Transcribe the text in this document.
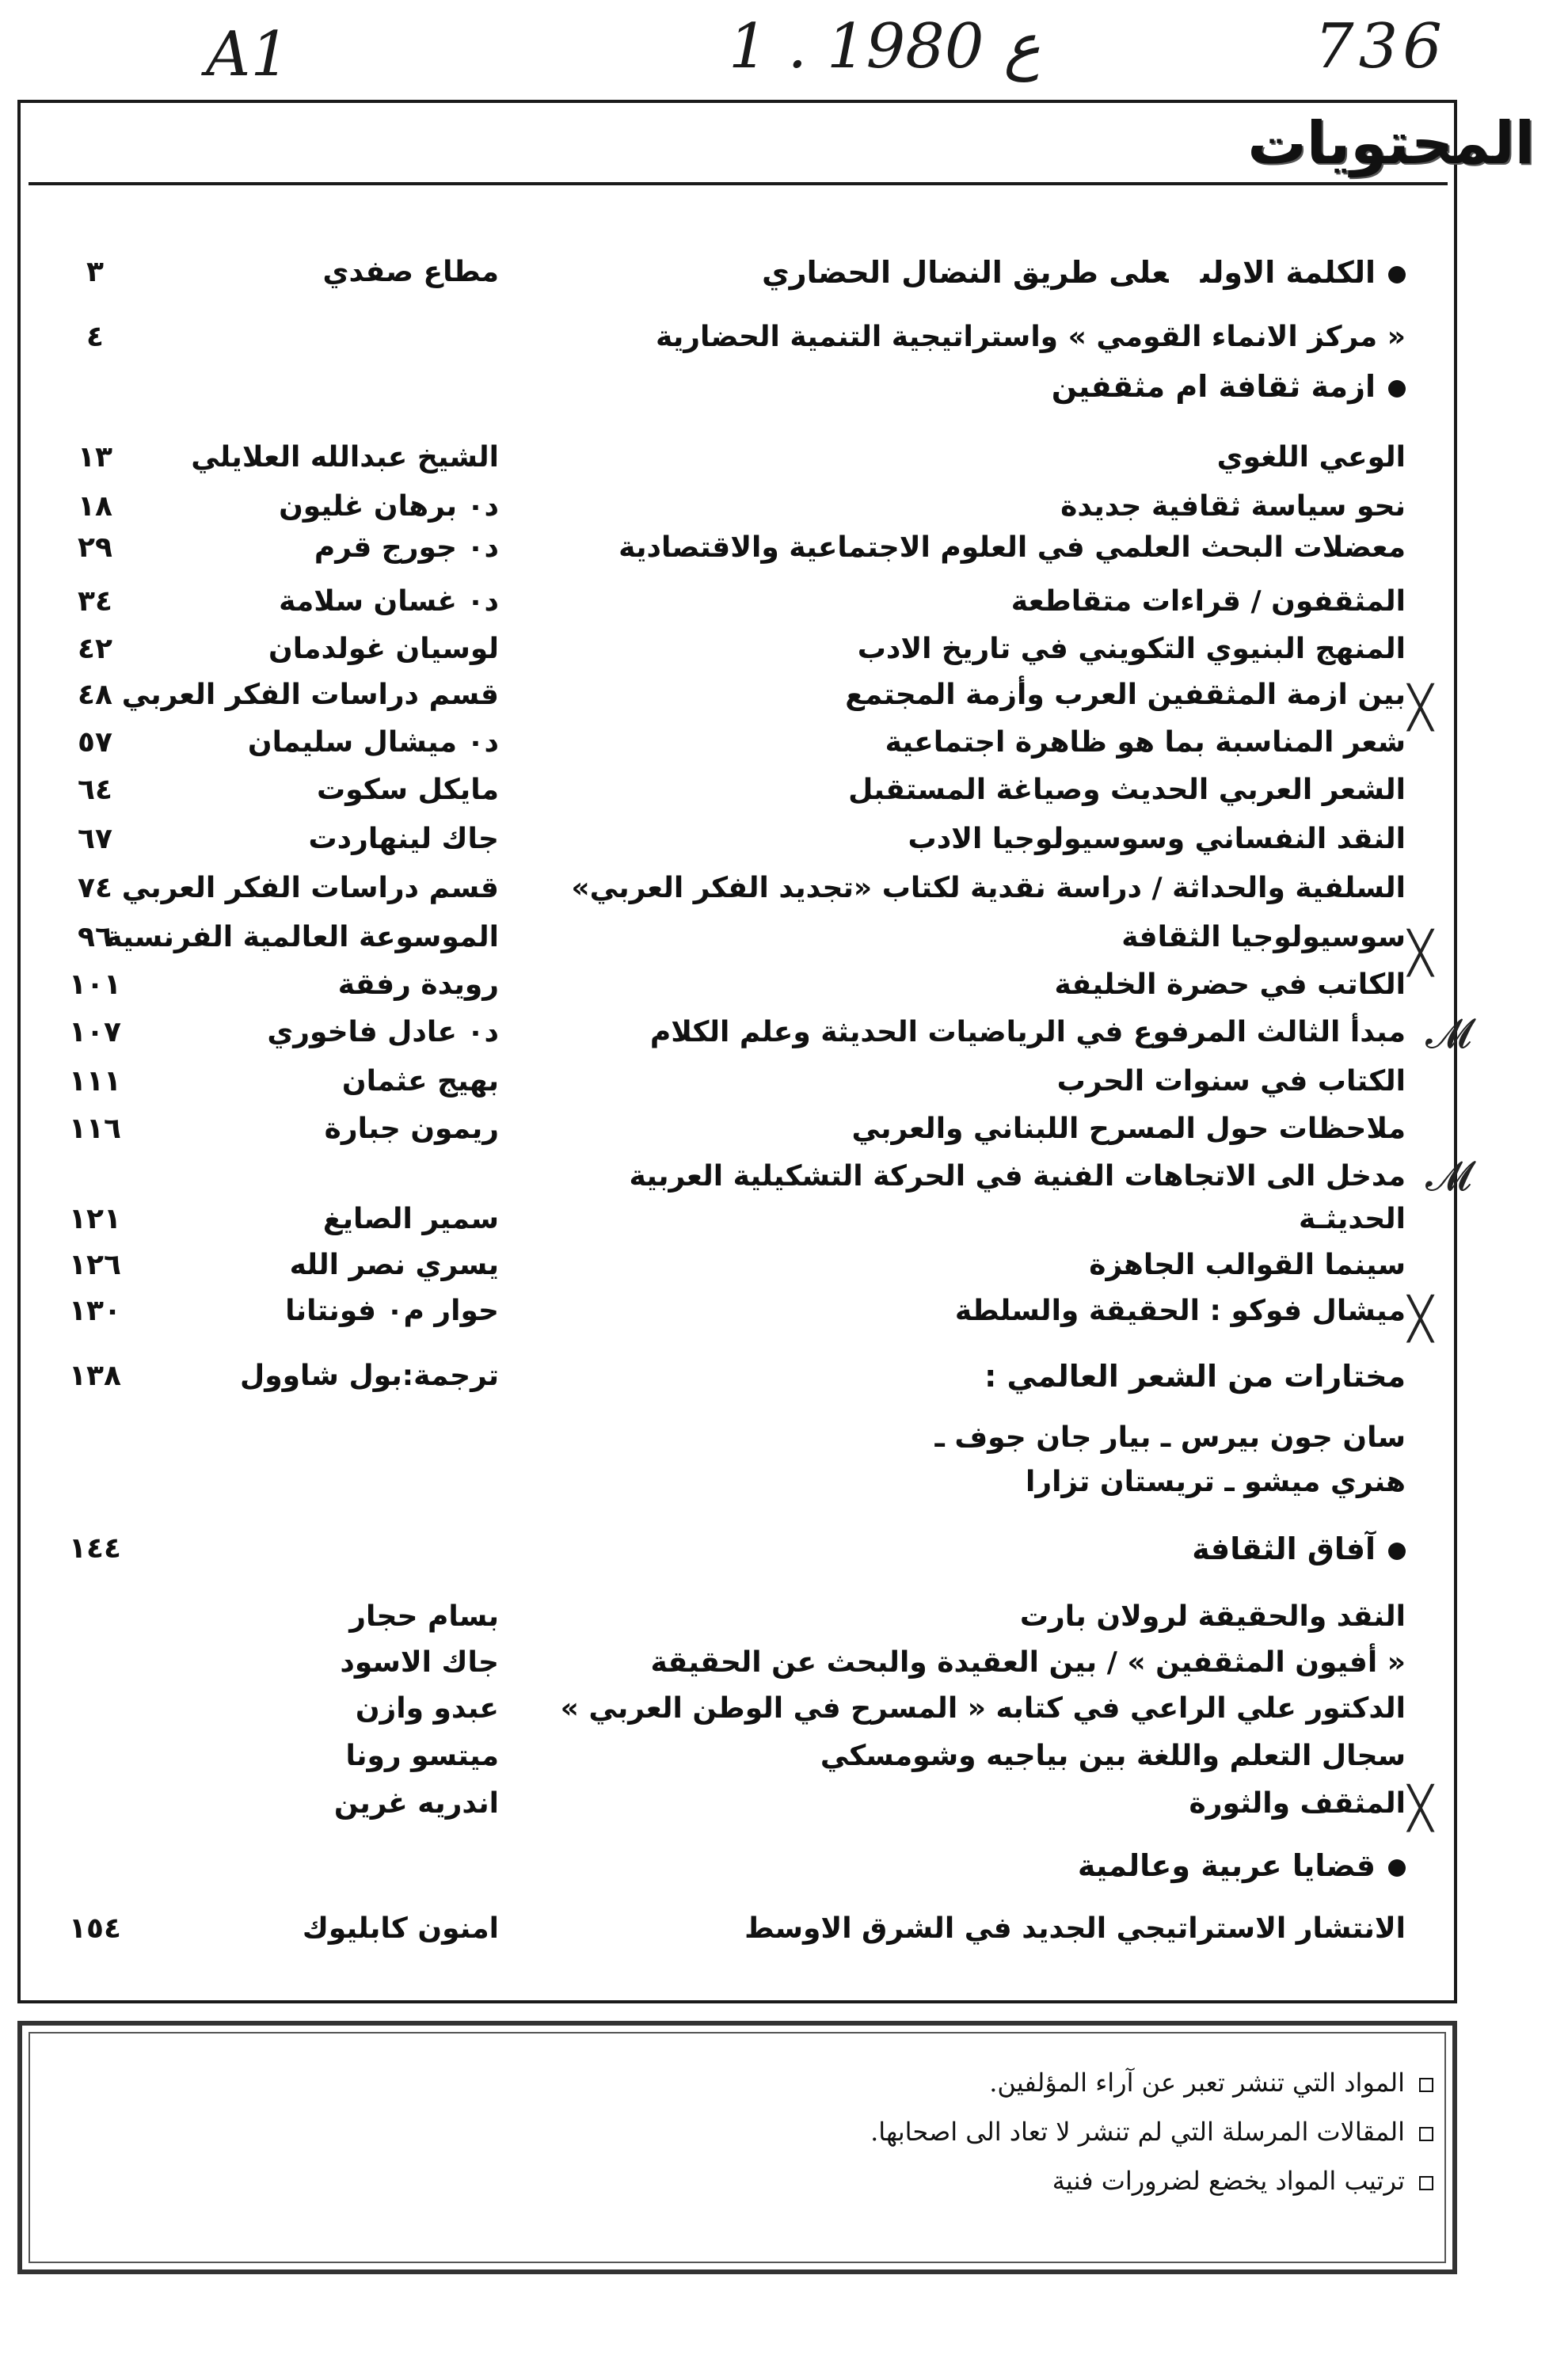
A1	1 . ع 1980	736
المحتويات
الكلمة الاولىعلى طريق النضال الحضاري
مطاع صفدي
٣
« مركز الانماء القومي » واستراتيجية التنمية الحضارية
٤
ازمة ثقافة ام مثقفين
الوعي اللغوي
الشيخ عبدالله العلايلي
١٣
نحو سياسة ثقافية جديدة
د٠ برهان غليون
١٨
معضلات البحث العلمي في العلوم الاجتماعية والاقتصادية
د٠ جورج قرم
٢٩
المثقفون / قراءات متقاطعة
د٠ غسان سلامة
٣٤
المنهج البنيوي التكويني في تاريخ الادب
لوسيان غولدمان
٤٢
بين ازمة المثقفين العرب وأزمة المجتمع
قسم دراسات الفكر العربي
٤٨
شعر المناسبة بما هو ظاهرة اجتماعية
د٠ ميشال سليمان
٥٧
الشعر العربي الحديث وصياغة المستقبل
مايكل سكوت
٦٤
النقد النفساني وسوسيولوجيا الادب
جاك لينهاردت
٦٧
السلفية والحداثة / دراسة نقدية لكتاب «تجديد الفكر العربي»
قسم دراسات الفكر العربي
٧٤
سوسيولوجيا الثقافة
الموسوعة العالمية الفرنسية
٩٦
الكاتب في حضرة الخليفة
رويدة رفقة
١٠١
مبدأ الثالث المرفوع في الرياضيات الحديثة وعلم الكلام
د٠ عادل فاخوري
١٠٧
الكتاب في سنوات الحرب
بهيج عثمان
١١١
ملاحظات حول المسرح اللبناني والعربي
ريمون جبارة
١١٦
مدخل الى الاتجاهات الفنية في الحركة التشكيلية العربية
الحديثـة
سمير الصايغ
١٢١
سينما القوالب الجاهزة
يسري نصر الله
١٢٦
ميشال فوكو : الحقيقة والسلطة
حوار م٠ فونتانا
١٣٠
مختارات من الشعر العالمي :
ترجمة:بول شاوول
١٣٨
سان جون بيرس ـ بيار جان جوف ـ
هنري ميشو ـ تريستان تزارا
آفاق الثقافة
١٤٤
النقد والحقيقة لرولان بارت
بسام حجار
« أفيون المثقفين » / بين العقيدة والبحث عن الحقيقة
جاك الاسود
الدكتور علي الراعي في كتابه « المسرح في الوطن العربي »
عبدو وازن
سجال التعلم واللغة بين بياجيه وشومسكي
ميتسو رونا
المثقف والثورة
اندريه غرين
قضايا عربية وعالمية
الانتشار الاستراتيجي الجديد في الشرق الاوسط
امنون كابليوك
١٥٤
╳
╳
╳
╳
𝓜
𝓜
المواد التي تنشر تعبر عن آراء المؤلفين.
المقالات المرسلة التي لم تنشر لا تعاد الى اصحابها.
ترتيب المواد يخضع لضرورات فنية
